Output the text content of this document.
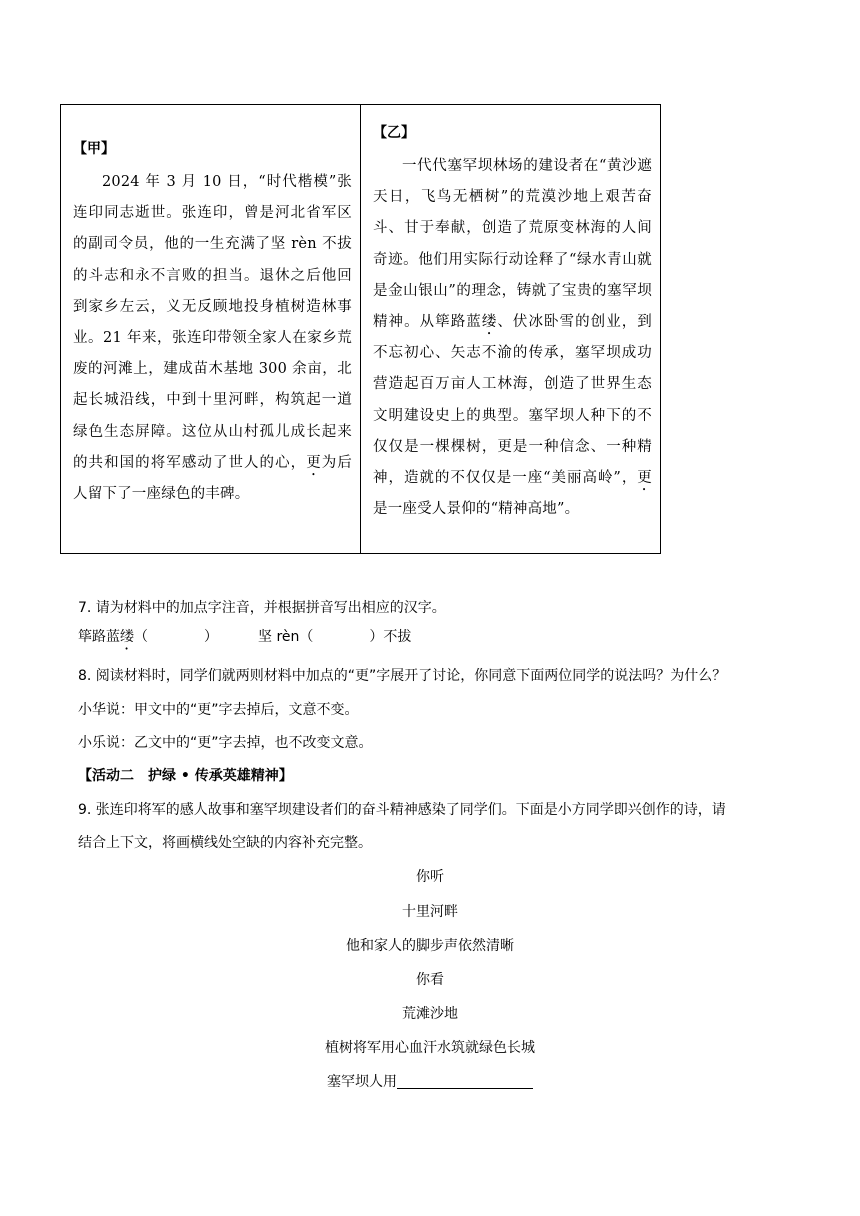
【甲】

2024 年 3 月 10 日，“时代楷模”张连印同志逝世。张连印，曾是河北省军区的副司令员，他的一生充满了坚 rèn 不拔的斗志和永不言败的担当。退休之后他回到家乡左云，义无反顾地投身植树造林事业。21 年来，张连印带领全家人在家乡荒废的河滩上，建成苗木基地 300 余亩，北起长城沿线，中到十里河畔，构筑起一道绿色生态屏障。这位从山村孤儿成长起来的共和国的将军感动了世人的心，更为后人留下了一座绿色的丰碑。

【乙】

一代代塞罕坝林场的建设者在“黄沙遮天日，飞鸟无栖树”的荒漠沙地上艰苦奋斗、甘于奉献，创造了荒原变林海的人间奇迹。他们用实际行动诠释了“绿水青山就是金山银山”的理念，铸就了宝贵的塞罕坝精神。从筚路蓝缕、伏冰卧雪的创业，到不忘初心、矢志不渝的传承，塞罕坝成功营造起百万亩人工林海，创造了世界生态文明建设史上的典型。塞罕坝人种下的不仅仅是一棵棵树，更是一种信念、一种精神，造就的不仅仅是一座“美丽高岭”，更是一座受人景仰的“精神高地”。

7. 请为材料中的加点字注音，并根据拼音写出相应的汉字。

筚路蓝 缕 （	）	坚 rèn（	）不拔

8. 阅读材料时，同学们就两则材料中加点的“更”字展开了讨论，你同意下面两位同学的说法吗？为什么？

小华说：甲文中的“更”字去掉后，文意不变。

小乐说：乙文中的“更”字去掉，也不改变文意。

【活动二　护绿 • 传承英雄精神】

9. 张连印将军的感人故事和塞罕坝建设者们的奋斗精神感染了同学们。下面是小方同学即兴创作的诗，请

结合上下文，将画横线处空缺的内容补充完整。

你听
十里河畔
他和家人的脚步声依然清晰
你看
荒滩沙地
植树将军用心血汗水筑就绿色长城
塞罕坝人用
